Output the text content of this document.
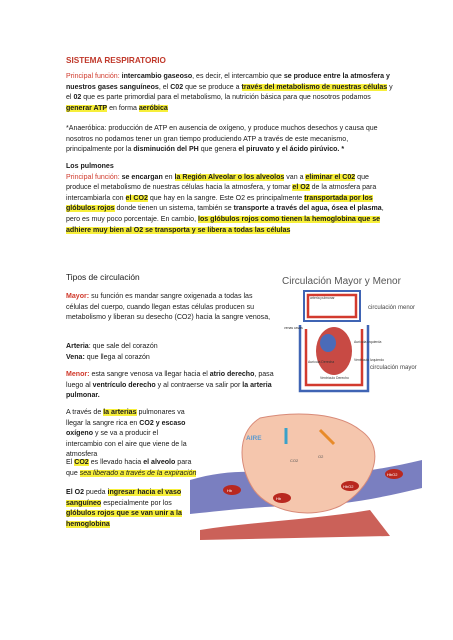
SISTEMA RESPIRATORIO
Principal función: intercambio gaseoso, es decir, el intercambio que se produce entre la atmosfera y nuestros gases sanguíneos, el C02 que se produce a través del metabolismo de nuestras células y el 02 que es parte primordial para el metabolismo, la nutrición básica para que nosotros podamos generar ATP en forma aeróbica
*Anaeróbica: producción de ATP en ausencia de oxígeno, y produce muchos desechos y causa que nosotros no podamos tener un gran tiempo produciendo ATP a través de este mecanismo, principalmente por la disminución del PH que genera el piruvato y el ácido pirúvico. *
Los pulmones
Principal función: se encargan en la Región Alveolar o los alveolos van a eliminar el C02 que produce el metabolismo de nuestras células hacia la atmosfera, y tomar el O2 de la atmosfera para intercambiarla con el CO2 que hay en la sangre. Este O2 es principalmente transportada por los glóbulos rojos donde tienen un sistema, también se transporte a través del agua, ósea el plasma, pero es muy poco porcentaje. En cambio, los glóbulos rojos como tienen la hemoglobina que se adhiere muy bien al O2 se transporta y se libera a todas las células
Tipos de circulación
Mayor: su función es mandar sangre oxigenada a todas las células del cuerpo, cuando llegan estas células producen su metabolismo y liberan su desecho (CO2) hacia la sangre venosa,
Arteria: que sale del corazón
Vena: que llega al corazón
Menor: esta sangre venosa va llegar hacia el atrio derecho, pasa luego al ventrículo derecho y al contraerse va salir por la arteria pulmonar.
A través de la arterias pulmonares va llegar la sangre rica en CO2 y escaso oxígeno y se va a producir el intercambio con el aire que viene de la atmosfera
El CO2 es llevado hacia el alveolo para que sea liberado a través de la expiración
El O2 pueda ingresar hacia el vaso sanguíneo especialmente por los glóbulos rojos que se van unir a la hemoglobina
Circulación Mayor y Menor
arteria pulmonar
venas cavas
circulación menor
circulación mayor
Aurícula Izquierda
Aurícula Derecha	Ventrículo Izquierdo
Ventrículo Derecho
AIRE
CO2
O2
Hb
Hb
HbO2
HbO2
